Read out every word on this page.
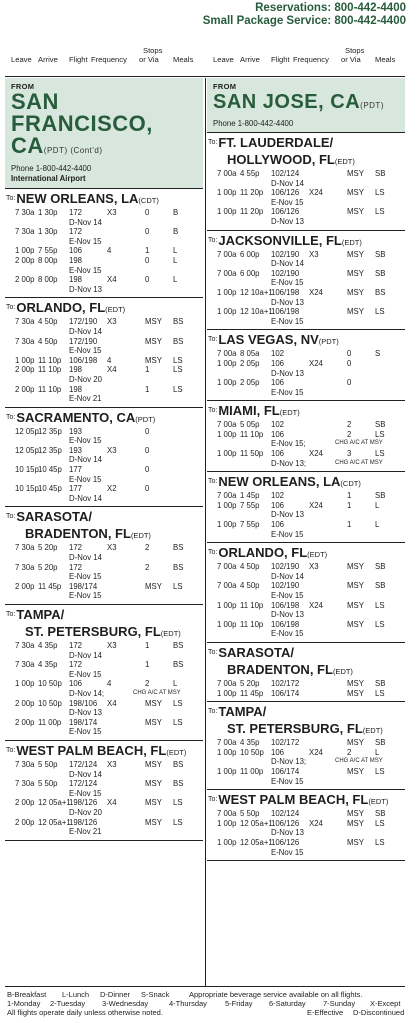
Reservations: 800-442-4400
Small Package Service: 800-442-4400
Leave Arrive Flight Frequency
Stops
or Via Meals	Leave Arrive Flight Frequency
Stops
or Via Meals
FROM
SAN
FRANCISCO,
CA(PDT) (Cont'd)
Phone 1-800-442-4400
International Airport
$^{To:}$NEW ORLEANS, LA(CDT)
7 30a 1 30p 172	X3	0	B
D-Nov 14
7 30a 1 30p 172	0	B
E-Nov 15
1 00p 7 55p 106	4	1	L
2 00p 8 00p 198	0	L
E-Nov 15
2 00p 8 00p 198	X4	0	L
D-Nov 13
$^{To:}$ORLANDO, FL(EDT)
7 30a 4 50p 172/190 X3	MSY BS
D-Nov 14
7 30a 4 50p 172/190	MSY BS
E-Nov 15
1 00p 11 10p 106/198 4	MSY LS
2 00p 11 10p 198	X4	1	LS
D-Nov 20
2 00p 11 10p 198	1	LS
E-Nov 21
$^{To:}$SACRAMENTO, CA(PDT)
12 05p 12 35p 193	0
E-Nov 15
12 05p 12 35p 193	X3	0
D-Nov 14
10 15p 10 45p 177	0
E-Nov 15
10 15p 10 45p 177	X2	0
D-Nov 14
$^{To:}$SARASOTA/
BRADENTON, FL(EDT)
7 30a 5 20p 172	X3	2	BS
D-Nov 14
7 30a 5 20p 172	2	BS
E-Nov 15
2 00p 11 45p 198/174	MSY LS
E-Nov 15
$^{To:}$TAMPA/
ST. PETERSBURG, FL(EDT)
7 30a 4 35p 172	X3	1	BS
D-Nov 14
7 30a 4 35p 172	1	BS
E-Nov 15
1 00p 10 50p 106	4	2	L
D-Nov 14;	CHG A/C AT MSY
2 00p 10 50p 198/106 X4	MSY LS
D-Nov 13
2 00p 11 00p 198/174	MSY LS
E-Nov 15
$^{To:}$WEST PALM BEACH, FL(EDT)
7 30a 5 50p 172/124 X3	MSY BS
D-Nov 14
7 30a 5 50p 172/124	MSY BS
E-Nov 15
2 00p 12 05a+1
198/126 X4	MSY LS
D-Nov 20
2 00p 12 05a+1
198/126	MSY LS
E-Nov 21
FROM
SAN JOSE, CA(PDT)
Phone 1-800-442-4400
$^{To:}$FT. LAUDERDALE/
HOLLYWOOD, FL(EDT)
7 00a 4 55p 102/124	MSY SB
D-Nov 14
1 00p 11 20p 106/126 X24	MSY LS
E-Nov 15
1 00p 11 20p 106/126	MSY LS
D-Nov 13
$^{To:}$JACKSONVILLE, FL(EDT)
7 00a 6 00p 102/190 X3	MSY SB
D-Nov 14
7 00a 6 00p 102/190	MSY SB
E-Nov 15
1 00p 12 10a+1
106/198 X24	MSY BS
D-Nov 13
1 00p 12 10a+1
106/198	MSY LS
E-Nov 15
$^{To:}$LAS VEGAS, NV(PDT)
7 00a 8 05a 102	0	S
1 00p 2 05p 106	X24	0
D-Nov 13
1 00p 2 05p 106	0
E-Nov 15
$^{To:}$MIAMI, FL(EDT)
7 00a 5 05p 102	2	SB
1 00p 11 10p 106	2	LS
E-Nov 15;	CHG A/C AT MSY
1 00p 11 50p 106	X24	3	LS
D-Nov 13;	CHG A/C AT MSY
$^{To:}$NEW ORLEANS, LA(CDT)
7 00a 1 45p 102	1	SB
1 00p 7 55p 106	X24	1	L
D-Nov 13
1 00p 7 55p 106	1	L
E-Nov 15
$^{To:}$ORLANDO, FL(EDT)
7 00a 4 50p 102/190 X3	MSY SB
D-Nov 14
7 00a 4 50p 102/190	MSY SB
E-Nov 15
1 00p 11 10p 106/198 X24	MSY LS
D-Nov 13
1 00p 11 10p 106/198	MSY LS
E-Nov 15
$^{To:}$SARASOTA/
BRADENTON, FL(EDT)
7 00a 5 20p 102/172	MSY SB
1 00p 11 45p 106/174	MSY LS
$^{To:}$TAMPA/
ST. PETERSBURG, FL(EDT)
7 00a 4 35p 102/172	MSY SB
1 00p 10 50p 106	X24	2	L
D-Nov 13;	CHG A/C AT MSY
1 00p 11 00p 106/174	MSY LS
E-Nov 15
$^{To:}$WEST PALM BEACH, FL(EDT)
7 00a 5 50p 102/124	MSY SB
1 00p 12 05a+1
106/126 X24	MSY LS
D-Nov 13
1 00p 12 05a+1
106/126	MSY LS
E-Nov 15
B-Breakfast L-Lunch D-Dinner S-Snack	Appropriate beverage service available on all flights.
1-Monday 2-Tuesday 3-Wednesday	4-Thursday 5-Friday 6-Saturday 7-Sunday X-Except
All flights operate daily unless otherwise noted.	E-Effective D-Discontinued
